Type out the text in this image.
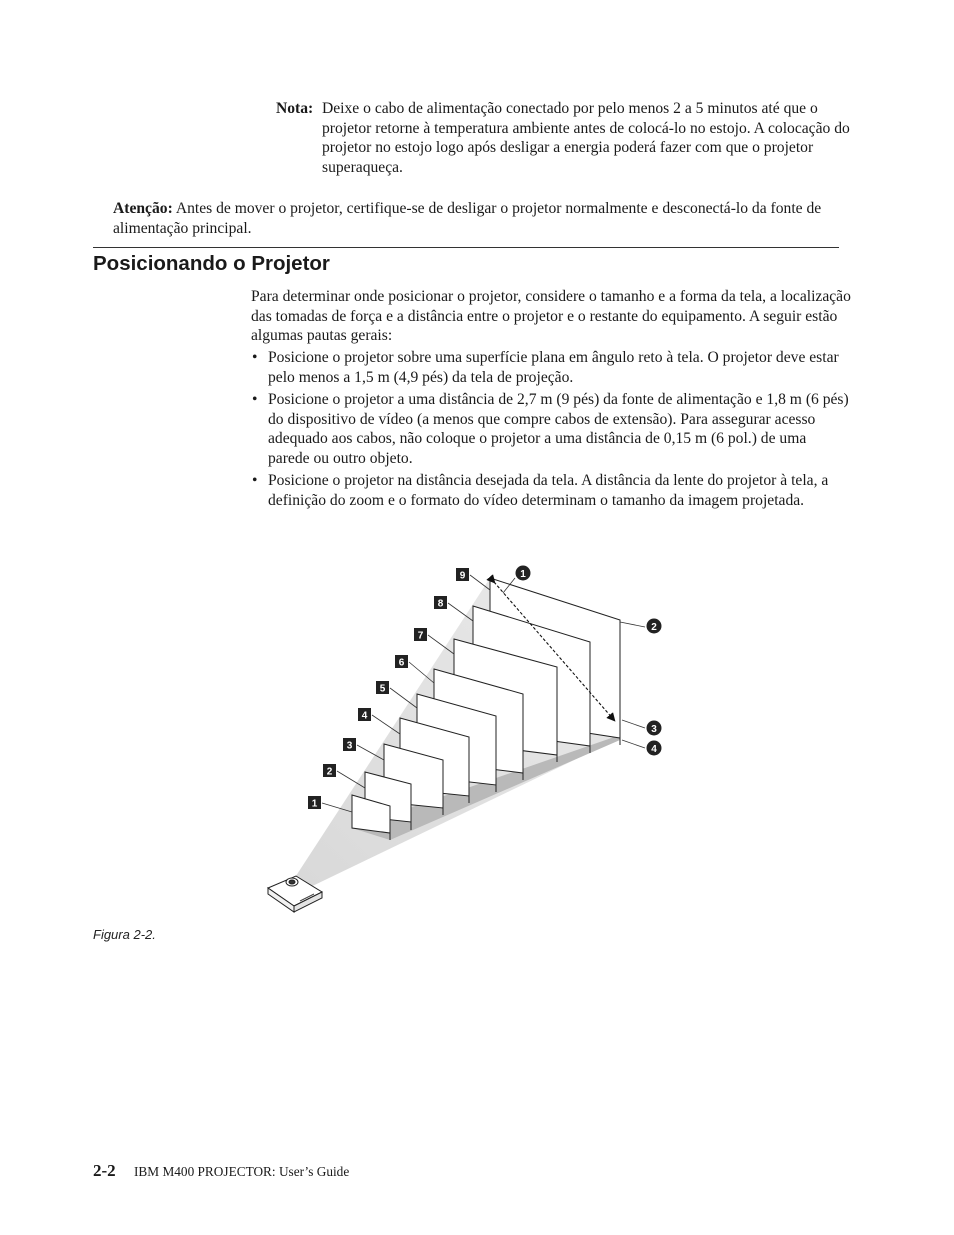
Nota: Deixe o cabo de alimentação conectado por pelo menos 2 a 5 minutos até que o projetor retorne à temperatura ambiente antes de colocá-lo no estojo. A colocação do projetor no estojo logo após desligar a energia poderá fazer com que o projetor superaqueça.
Atenção: Antes de mover o projetor, certifique-se de desligar o projetor normalmente e desconectá-lo da fonte de alimentação principal.
Posicionando o Projetor
Para determinar onde posicionar o projetor, considere o tamanho e a forma da tela, a localização das tomadas de força e a distância entre o projetor e o restante do equipamento. A seguir estão algumas pautas gerais:
• Posicione o projetor sobre uma superfície plana em ângulo reto à tela. O projetor deve estar pelo menos a 1,5 m (4,9 pés) da tela de projeção.
• Posicione o projetor a uma distância de 2,7 m (9 pés) da fonte de alimentação e 1,8 m (6 pés) do dispositivo de vídeo (a menos que compre cabos de extensão). Para assegurar acesso adequado aos cabos, não coloque o projetor a uma distância de 0,15 m (6 pol.) de uma parede ou outro objeto.
• Posicione o projetor na distância desejada da tela. A distância da lente do projetor à tela, a definição do zoom e o formato do vídeo determinam o tamanho da imagem projetada.
1
2
3
4
5
6
7
8
9	1
2
3
4
Figura 2-2.
2-2 IBM M400 PROJECTOR: User’s Guide
